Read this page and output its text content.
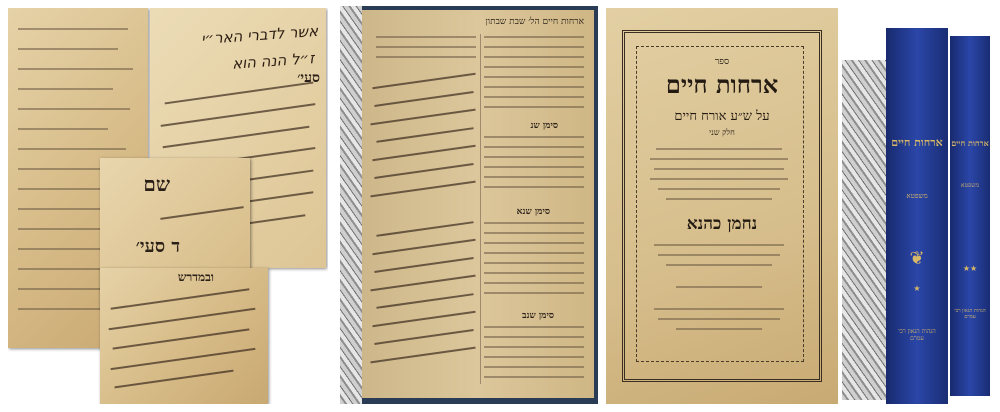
אשר לדברי האר״י
ז״ל הנה הוא
סעי׳
שם
ד סעי׳
ובמדרש
ארחות חיים הל׳ שבת שבתון
סימן שנ
סימן שנא
סימן שנב
ספר
ארחות חיים
על ש״ע אורח חיים
חלק שני
נחמן כהנא
ארחות חיים
משפטא
❦
★
הגהות הגאון רבי עמרם
ארחות חיים
משפטא
★★
הגהות הגאון רבי עמרם
